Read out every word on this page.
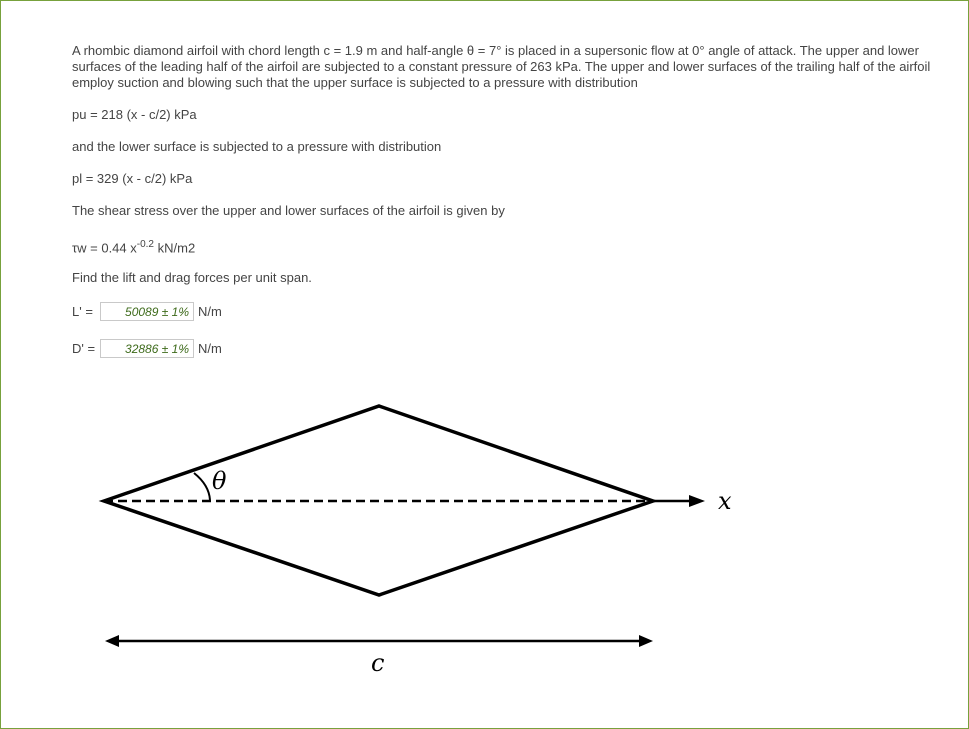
A rhombic diamond airfoil with chord length c = 1.9 m and half-angle θ = 7° is placed in a supersonic flow at 0° angle of attack. The upper and lower surfaces of the leading half of the airfoil are subjected to a constant pressure of 263 kPa. The upper and lower surfaces of the trailing half of the airfoil employ suction and blowing such that the upper surface is subjected to a pressure with distribution
pu = 218 (x - c/2) kPa
and the lower surface is subjected to a pressure with distribution
pl = 329 (x - c/2) kPa
The shear stress over the upper and lower surfaces of the airfoil is given by
τw = 0.44 $x^{-0.2}$ kN/m2
Find the lift and drag forces per unit span.
L' =
50089 ± 1%	N/m
D' =
32886 ± 1%	N/m
θ
x
c
